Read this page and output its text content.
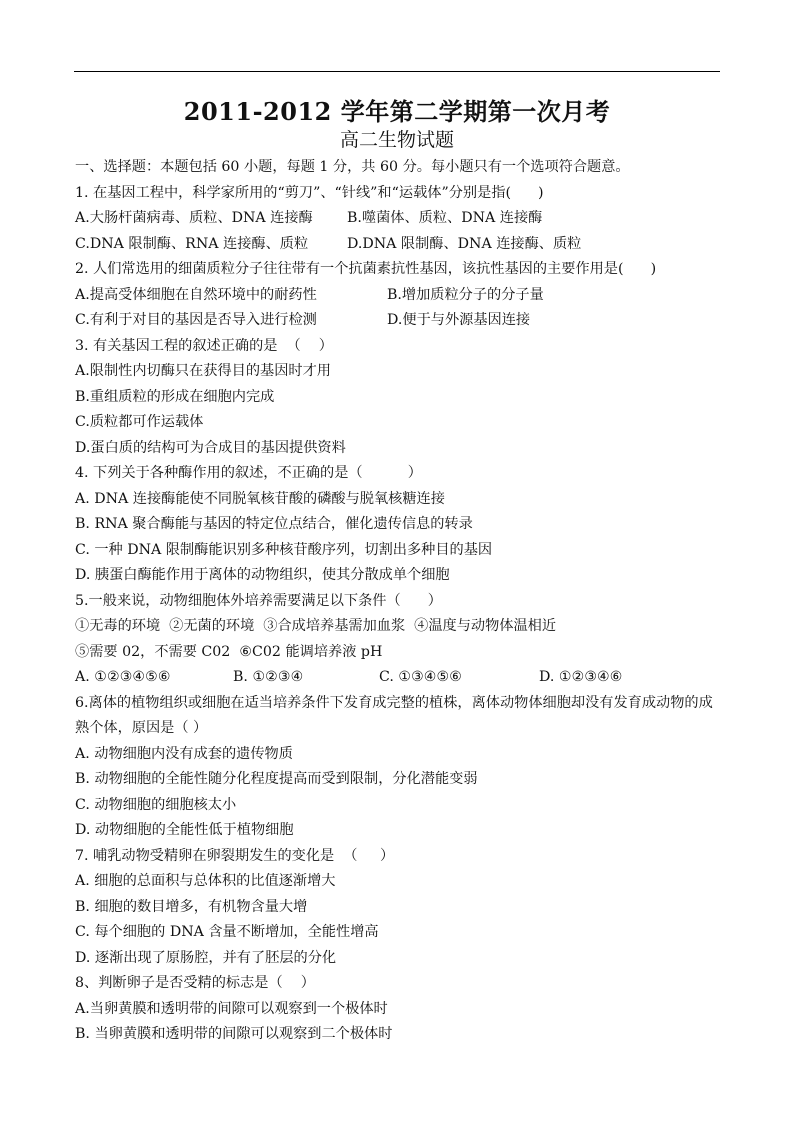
2011-2012 学年第二学期第一次月考
高二生物试题
一、选择题：本题包括 60 小题，每题 1 分，共 60 分。每小题只有一个选项符合题意。
1. 在基因工程中，科学家所用的“剪刀”、“针线”和“运载体”分别是指(      )
A.大肠杆菌病毒、质粒、DNA 连接酶 B.噬菌体、质粒、DNA 连接酶
C.DNA 限制酶、RNA 连接酶、质粒	D.DNA 限制酶、DNA 连接酶、质粒
2. 人们常选用的细菌质粒分子往往带有一个抗菌素抗性基因，该抗性基因的主要作用是(      )
A.提高受体细胞在自然环境中的耐药性	B.增加质粒分子的分子量
C.有利于对目的基因是否导入进行检测	D.便于与外源基因连接
3. 有关基因工程的叙述正确的是  （    ）
A.限制性内切酶只在获得目的基因时才用
B.重组质粒的形成在细胞内完成
C.质粒都可作运载体
D.蛋白质的结构可为合成目的基因提供资料
4. 下列关于各种酶作用的叙述，不正确的是（          ）
A. DNA 连接酶能使不同脱氧核苷酸的磷酸与脱氧核糖连接
B. RNA 聚合酶能与基因的特定位点结合，催化遗传信息的转录
C. 一种 DNA 限制酶能识别多种核苷酸序列，切割出多种目的基因
D. 胰蛋白酶能作用于离体的动物组织，使其分散成单个细胞
5.一般来说，动物细胞体外培养需要满足以下条件（      ）
①无毒的环境  ②无菌的环境  ③合成培养基需加血浆  ④温度与动物体温相近
⑤需要 02，不需要 C02  ⑥C02 能调培养液 pH
A. ①②③④⑤⑥	B. ①②③④	C. ①③④⑤⑥	D. ①②③④⑥
6.离体的植物组织或细胞在适当培养条件下发育成完整的植株，离体动物体细胞却没有发育成动物的成熟个体，原因是（ ）
A. 动物细胞内没有成套的遗传物质
B. 动物细胞的全能性随分化程度提高而受到限制，分化潜能变弱
C. 动物细胞的细胞核太小
D. 动物细胞的全能性低于植物细胞
7. 哺乳动物受精卵在卵裂期发生的变化是  （     ）
A. 细胞的总面积与总体积的比值逐渐增大
B. 细胞的数目增多，有机物含量大增
C. 每个细胞的 DNA 含量不断增加，全能性增高
D. 逐渐出现了原肠腔，并有了胚层的分化
8、判断卵子是否受精的标志是（    ）
A.当卵黄膜和透明带的间隙可以观察到一个极体时
B. 当卵黄膜和透明带的间隙可以观察到二个极体时
